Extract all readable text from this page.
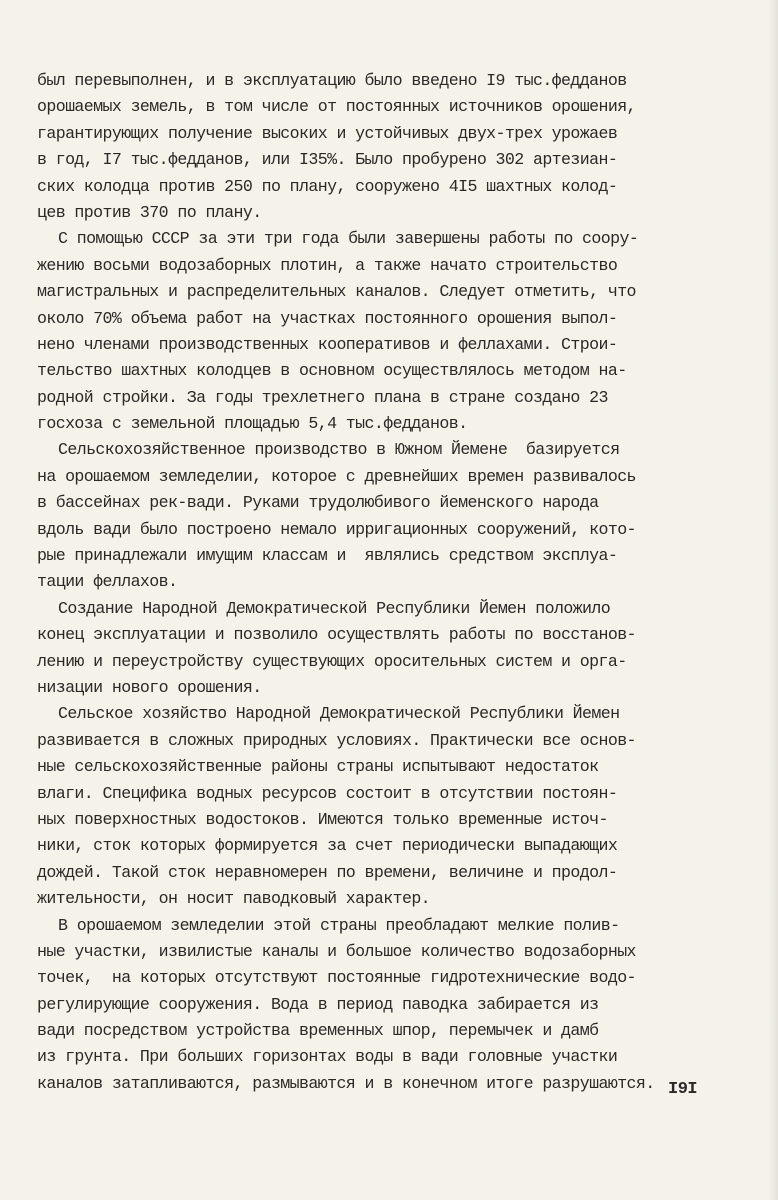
был перевыполнен, и в эксплуатацию было введено I9 тыс.федданов
орошаемых земель, в том числе от постоянных источников орошения,
гарантирующих получение высоких и устойчивых двух-трех урожаев
в год, I7 тыс.федданов, или I35%. Было пробурено 302 артезиан-
ских колодца против 250 по плану, сооружено 4I5 шахтных колод-
цев против 370 по плану.
С помощью СССР за эти три года были завершены работы по соору-
жению восьми водозаборных плотин, а также начато строительство
магистральных и распределительных каналов. Следует отметить, что
около 70% объема работ на участках постоянного орошения выпол-
нено членами производственных кооперативов и феллахами. Строи-
тельство шахтных колодцев в основном осуществлялось методом на-
родной стройки. За годы трехлетнего плана в стране создано 23
госхоза с земельной площадью 5,4 тыс.федданов.
Сельскохозяйственное производство в Южном Йемене  базируется
на орошаемом земледелии, которое с древнейших времен развивалось
в бассейнах рек-вади. Руками трудолюбивого йеменского народа
вдоль вади было построено немало ирригационных сооружений, кото-
рые принадлежали имущим классам и  являлись средством эксплуа-
тации феллахов.
Создание Народной Демократической Республики Йемен положило
конец эксплуатации и позволило осуществлять работы по восстанов-
лению и переустройству существующих оросительных систем и орга-
низации нового орошения.
Сельское хозяйство Народной Демократической Республики Йемен
развивается в сложных природных условиях. Практически все основ-
ные сельскохозяйственные районы страны испытывают недостаток
влаги. Специфика водных ресурсов состоит в отсутствии постоян-
ных поверхностных водостоков. Имеются только временные источ-
ники, сток которых формируется за счет периодически выпадающих
дождей. Такой сток неравномерен по времени, величине и продол-
жительности, он носит паводковый характер.
В орошаемом земледелии этой страны преобладают мелкие полив-
ные участки, извилистые каналы и большое количество водозаборных
точек,  на которых отсутствуют постоянные гидротехнические водо-
регулирующие сооружения. Вода в период паводка забирается из
вади посредством устройства временных шпор, перемычек и дамб
из грунта. При больших горизонтах воды в вади головные участки
каналов затапливаются, размываются и в конечном итоге разрушаются. I9I
